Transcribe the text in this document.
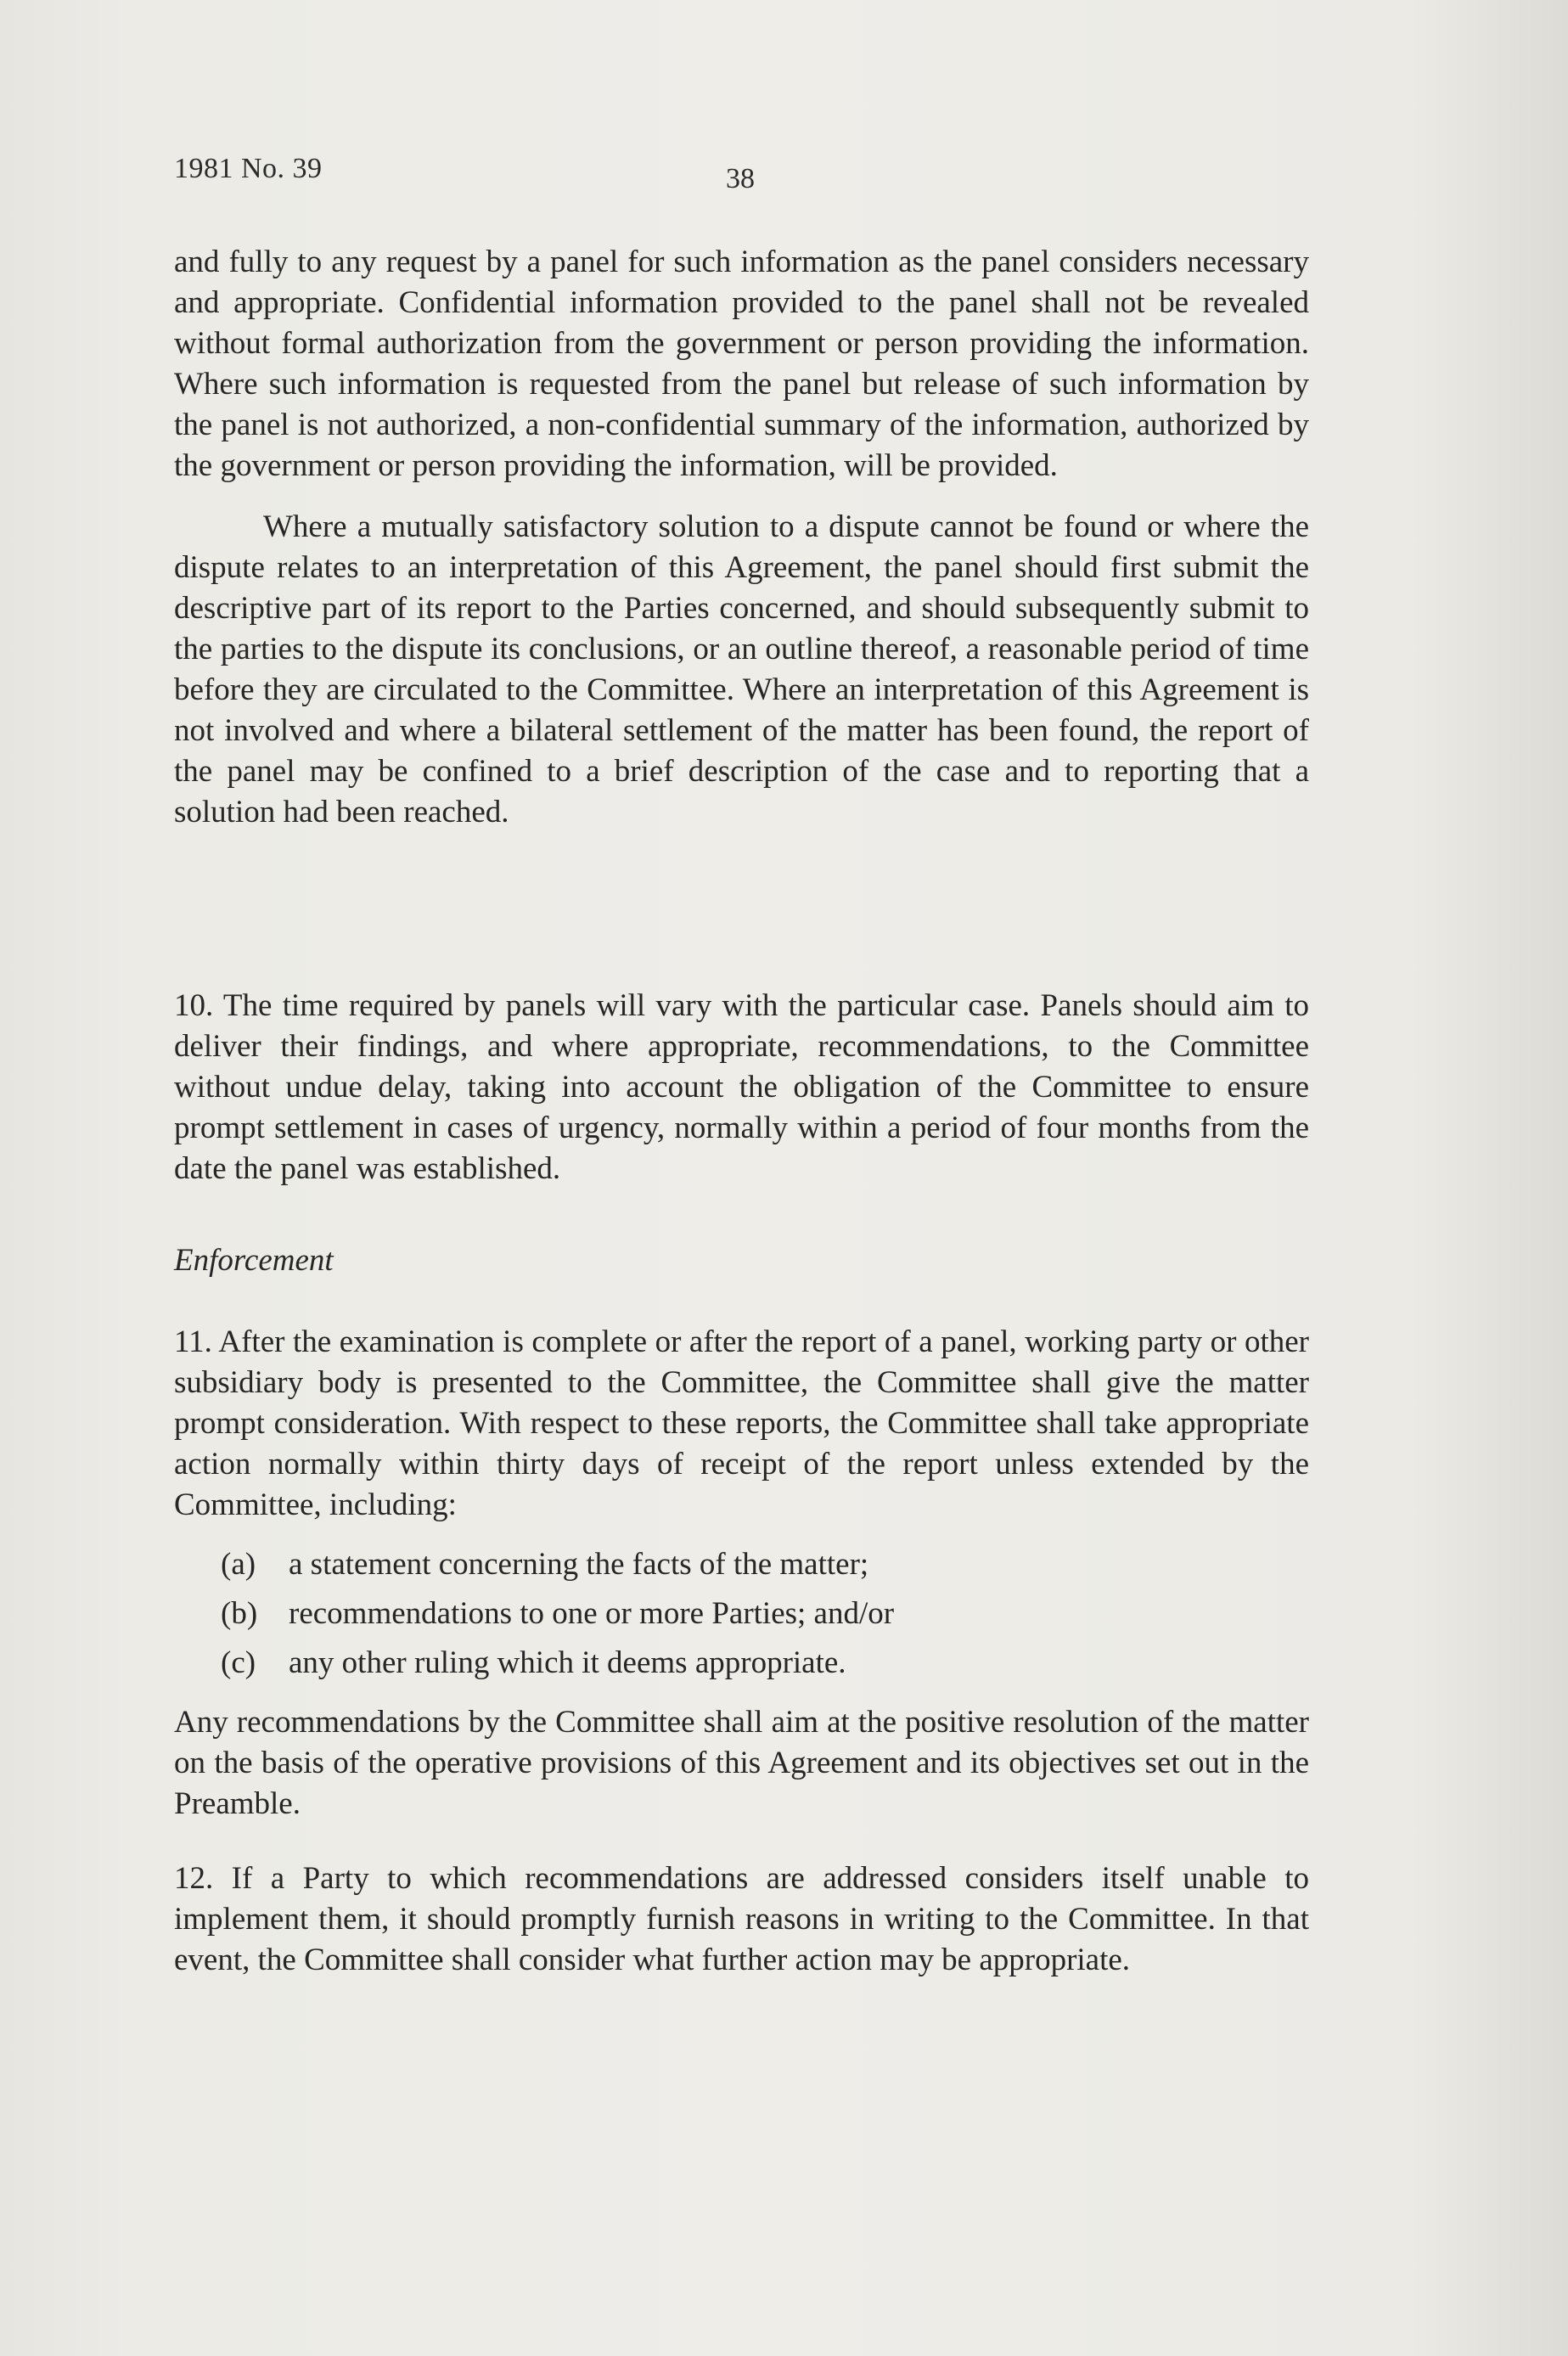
1981 No. 39	38

and fully to any request by a panel for such information as the panel considers necessary and appropriate. Confidential information provided to the panel shall not be revealed without formal authorization from the government or person providing the information. Where such information is requested from the panel but release of such information by the panel is not authorized, a non-confidential summary of the information, authorized by the government or person providing the information, will be provided.

Where a mutually satisfactory solution to a dispute cannot be found or where the dispute relates to an interpretation of this Agreement, the panel should first submit the descriptive part of its report to the Parties concerned, and should subsequently submit to the parties to the dispute its conclusions, or an outline thereof, a reasonable period of time before they are circulated to the Committee. Where an interpretation of this Agreement is not involved and where a bilateral settlement of the matter has been found, the report of the panel may be confined to a brief description of the case and to reporting that a solution had been reached.

10. The time required by panels will vary with the particular case. Panels should aim to deliver their findings, and where appropriate, recommendations, to the Committee without undue delay, taking into account the obligation of the Committee to ensure prompt settlement in cases of urgency, normally within a period of four months from the date the panel was established.

Enforcement

11. After the examination is complete or after the report of a panel, working party or other subsidiary body is presented to the Committee, the Committee shall give the matter prompt consideration. With respect to these reports, the Committee shall take appropriate action normally within thirty days of receipt of the report unless extended by the Committee, including:

(a) a statement concerning the facts of the matter;
(b) recommendations to one or more Parties; and/or
(c) any other ruling which it deems appropriate.

Any recommendations by the Committee shall aim at the positive resolution of the matter on the basis of the operative provisions of this Agreement and its objectives set out in the Preamble.

12. If a Party to which recommendations are addressed considers itself unable to implement them, it should promptly furnish reasons in writing to the Committee. In that event, the Committee shall consider what further action may be appropriate.
